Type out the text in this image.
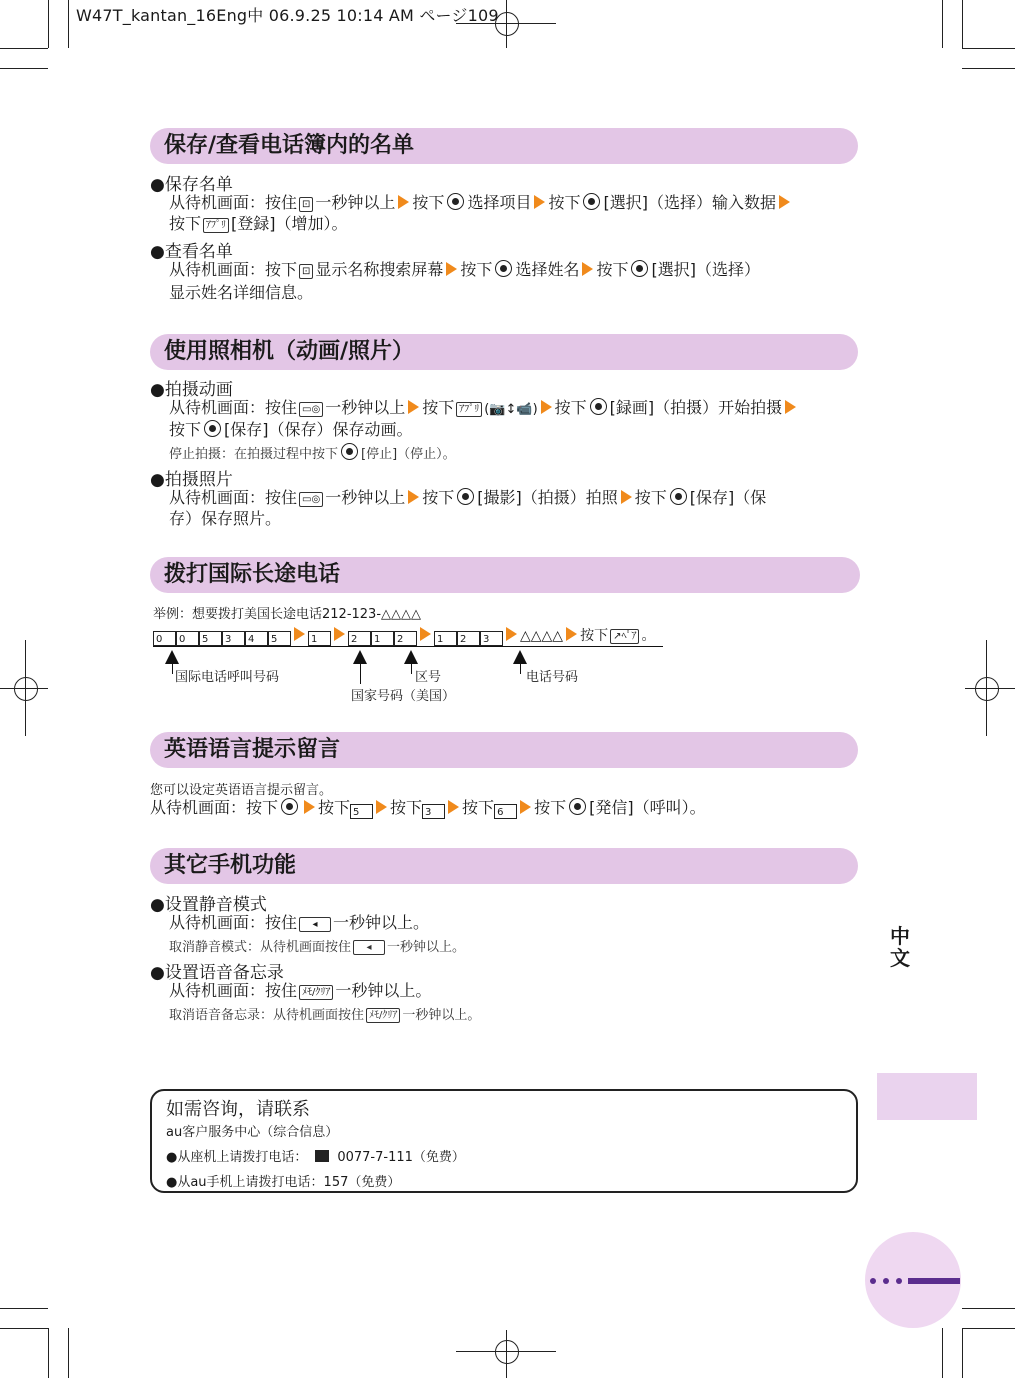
W47T_kantan_16Eng中 06.9.25 10:14 AM ページ109
保存/查看电话簿内的名单
●保存名单
从待机画面：按住 ⊡ 一秒钟以上 按下 选择项目 按下 [選択]（选择）输入数据
按下 ｱﾌﾟﾘ [登録]（增加）。
●查看名单
从待机画面：按下 ⊡ 显示名称搜索屏幕 按下 选择姓名 按下 [選択]（选择）
显示姓名详细信息。
使用照相机（动画/照片）
●拍摄动画
从待机画面：按住 ▭◎ 一秒钟以上 按下 ｱﾌﾟﾘ (📷↕📹) 按下 [録画]（拍摄）开始拍摄
按下 [保存]（保存）保存动画。
停止拍摄：在拍摄过程中按下 [停止]（停止）。
●拍摄照片
从待机画面：按住 ▭◎ 一秒钟以上 按下 [撮影]（拍摄）拍照 按下 [保存]（保
存）保存照片。
拨打国际长途电话
举例：想要拨打美国长途电话212-123-△△△△
0 0 5 3 4 5	1	2 1 2	1 2 3 △△△△ 按下 ↗ﾍﾟｱ 。
国际电话呼叫号码
国家号码（美国）
区号	电话号码
英语语言提示留言
您可以设定英语语言提示留言。
从待机画面：按下	按下 5 按下 3 按下 6 按下 [発信]（呼叫）。
其它手机功能
●设置静音模式
从待机画面：按住 ◂ 一秒钟以上。
取消静音模式：从待机画面按住 ◂ 一秒钟以上。
●设置语音备忘录
从待机画面：按住 ﾒﾓ/ｸﾘｱ 一秒钟以上。
取消语音备忘录：从待机画面按住 ﾒﾓ/ｸﾘｱ 一秒钟以上。
中
文
如需咨询，请联系
au客户服务中心（综合信息）
●从座机上请拨打电话： 0077-7-111（免费）
●从au手机上请拨打电话：157（免费）
